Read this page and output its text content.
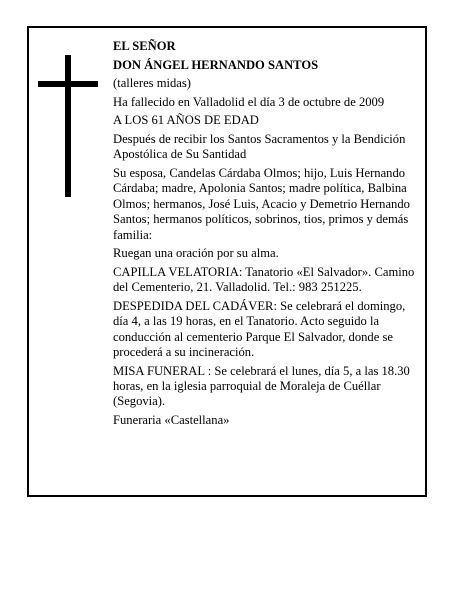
EL SEÑOR

DON ÁNGEL HERNANDO SANTOS

(talleres midas)

Ha fallecido en Valladolid el día 3 de octubre de 2009

A LOS 61 AÑOS DE EDAD

Después de recibir los Santos Sacramentos y la Bendición Apostólica de Su Santidad

Su esposa, Candelas Cárdaba Olmos; hijo, Luis Hernando Cárdaba; madre, Apolonia Santos; madre política, Balbina Olmos; hermanos, José Luis, Acacio y Demetrio Hernando Santos; hermanos políticos, sobrinos, tios, primos y demás familia:

Ruegan una oración por su alma.

CAPILLA VELATORIA: Tanatorio «El Salvador». Camino del Cementerio, 21. Valladolid. Tel.: 983 251225.

DESPEDIDA DEL CADÁVER: Se celebrará el domingo, día 4, a las 19 horas, en el Tanatorio. Acto seguido la conducción al cementerio Parque El Salvador, donde se procederá a su incineración.

MISA FUNERAL : Se celebrará el lunes, día 5, a las 18.30 horas, en la iglesia parroquial de Moraleja de Cuéllar (Segovia).

Funeraria «Castellana»
